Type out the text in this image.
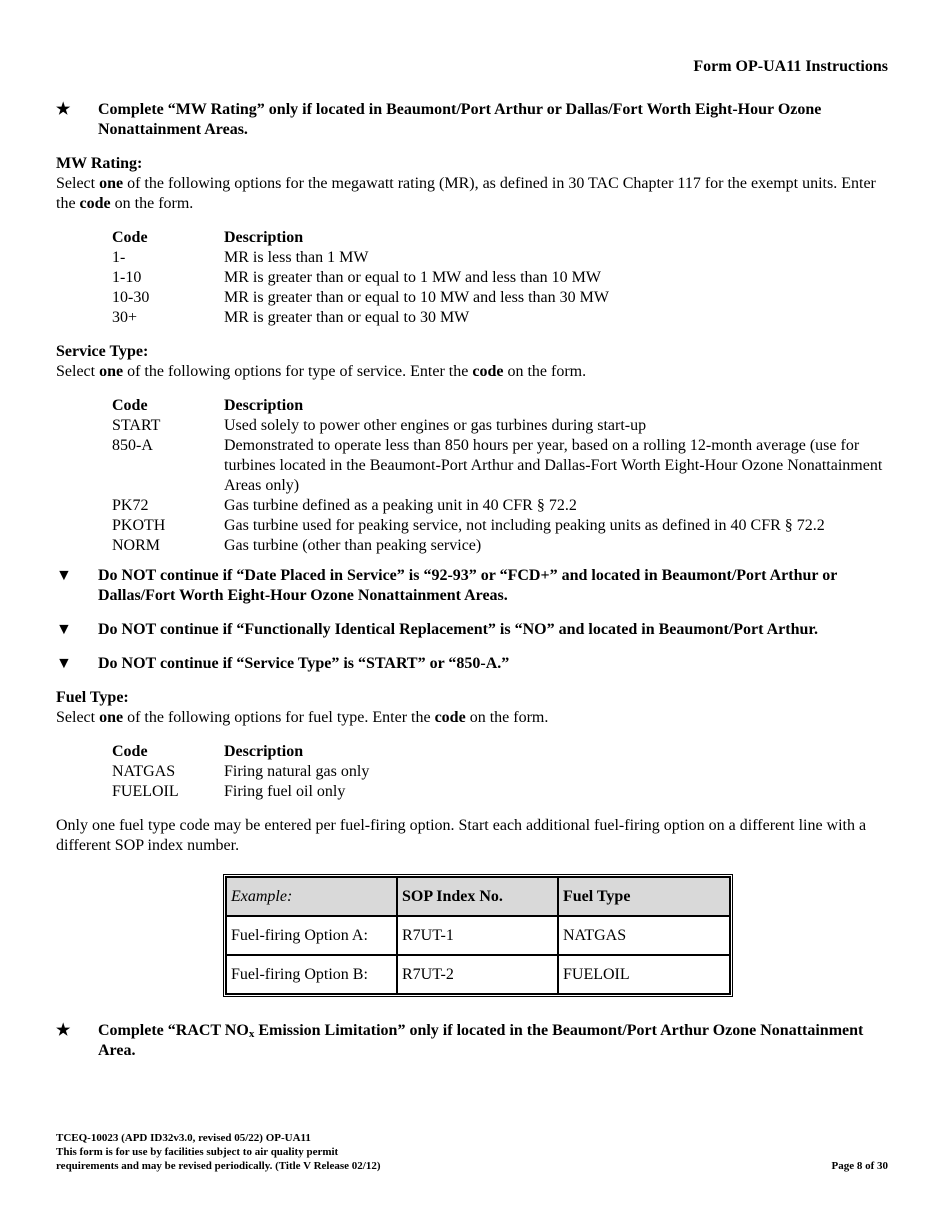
Form OP-UA11 Instructions
★	Complete “MW Rating” only if located in Beaumont/Port Arthur or Dallas/Fort Worth Eight-Hour Ozone Nonattainment Areas.
MW Rating:

Select one of the following options for the megawatt rating (MR), as defined in 30 TAC Chapter 117 for the exempt units. Enter the code on the form.

Code	Description
1-	MR is less than 1 MW
1-10	MR is greater than or equal to 1 MW and less than 10 MW
10-30	MR is greater than or equal to 10 MW and less than 30 MW
30+	MR is greater than or equal to 30 MW
Service Type:

Select one of the following options for type of service. Enter the code on the form.

Code	Description
START	Used solely to power other engines or gas turbines during start-up
850-A	Demonstrated to operate less than 850 hours per year, based on a rolling 12-month average (use for turbines located in the Beaumont-Port Arthur and Dallas-Fort Worth Eight-Hour Ozone Nonattainment Areas only)
PK72	Gas turbine defined as a peaking unit in 40 CFR § 72.2
PKOTH	Gas turbine used for peaking service, not including peaking units as defined in 40 CFR § 72.2
NORM	Gas turbine (other than peaking service)
▼ Do NOT continue if “Date Placed in Service” is “92-93” or “FCD+” and located in Beaumont/Port Arthur or Dallas/Fort Worth Eight-Hour Ozone Nonattainment Areas.
▼ Do NOT continue if “Functionally Identical Replacement” is “NO” and located in Beaumont/Port Arthur.
▼ Do NOT continue if “Service Type” is “START” or “850-A.”
Fuel Type:

Select one of the following options for fuel type. Enter the code on the form.

Code	Description
NATGAS	Firing natural gas only
FUELOIL	Firing fuel oil only

Only one fuel type code may be entered per fuel-firing option. Start each additional fuel-firing option on a different line with a different SOP index number.

Example:	SOP Index No.	Fuel Type
Fuel-firing Option A:	R7UT-1	NATGAS
Fuel-firing Option B:	R7UT-2	FUELOIL
★	Complete “RACT $NO_x$ Emission Limitation” only if located in the Beaumont/Port Arthur Ozone Nonattainment Area.
TCEQ-10023 (APD ID32v3.0, revised 05/22) OP-UA11
This form is for use by facilities subject to air quality permit
requirements and may be revised periodically. (Title V Release 02/12)	Page 8 of 30
